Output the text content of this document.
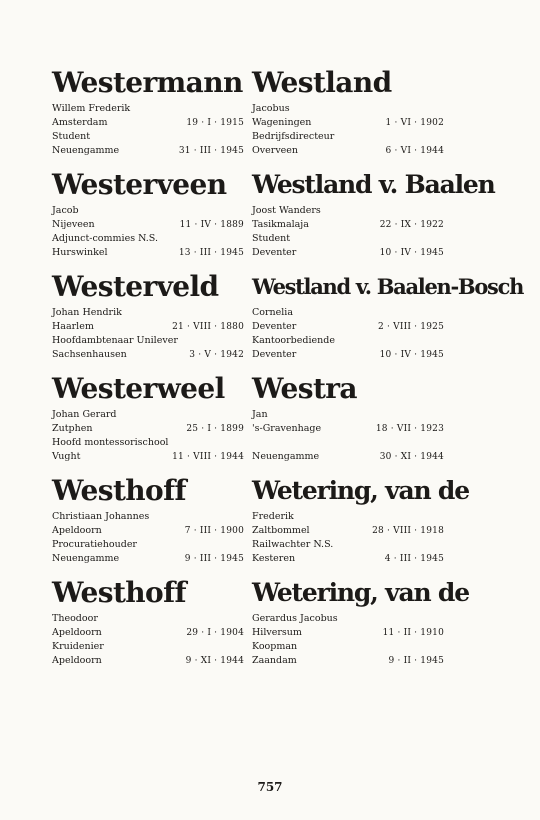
Westermann
Willem Frederik
Amsterdam	19 · I · 1915
Student
Neuengamme	31 · III · 1945
Westerveen
Jacob
Nijeveen	11 · IV · 1889
Adjunct-commies N.S.
Hurswinkel	13 · III · 1945
Westerveld
Johan Hendrik
Haarlem	21 · VIII · 1880
Hoofdambtenaar Unilever
Sachsenhausen	3 · V · 1942
Westerweel
Johan Gerard
Zutphen	25 · I · 1899
Hoofd montessorischool
Vught	11 · VIII · 1944
Westhoff
Christiaan Johannes
Apeldoorn	7 · III · 1900
Procuratiehouder
Neuengamme	9 · III · 1945
Westhoff
Theodoor
Apeldoorn	29 · I · 1904
Kruidenier
Apeldoorn	9 · XI · 1944
Westland
Jacobus
Wageningen	1 · VI · 1902
Bedrijfsdirecteur
Overveen	6 · VI · 1944
Westland v. Baalen
Joost Wanders
Tasikmalaja	22 · IX · 1922
Student
Deventer	10 · IV · 1945
Westland v. Baalen-Bosch
Cornelia
Deventer	2 · VIII · 1925
Kantoorbediende
Deventer	10 · IV · 1945
Westra
Jan
's-Gravenhage	18 · VII · 1923
Neuengamme	30 · XI · 1944
Wetering, van de
Frederik
Zaltbommel	28 · VIII · 1918
Railwachter N.S.
Kesteren	4 · III · 1945
Wetering, van de
Gerardus Jacobus
Hilversum	11 · II · 1910
Koopman
Zaandam	9 · II · 1945
757
